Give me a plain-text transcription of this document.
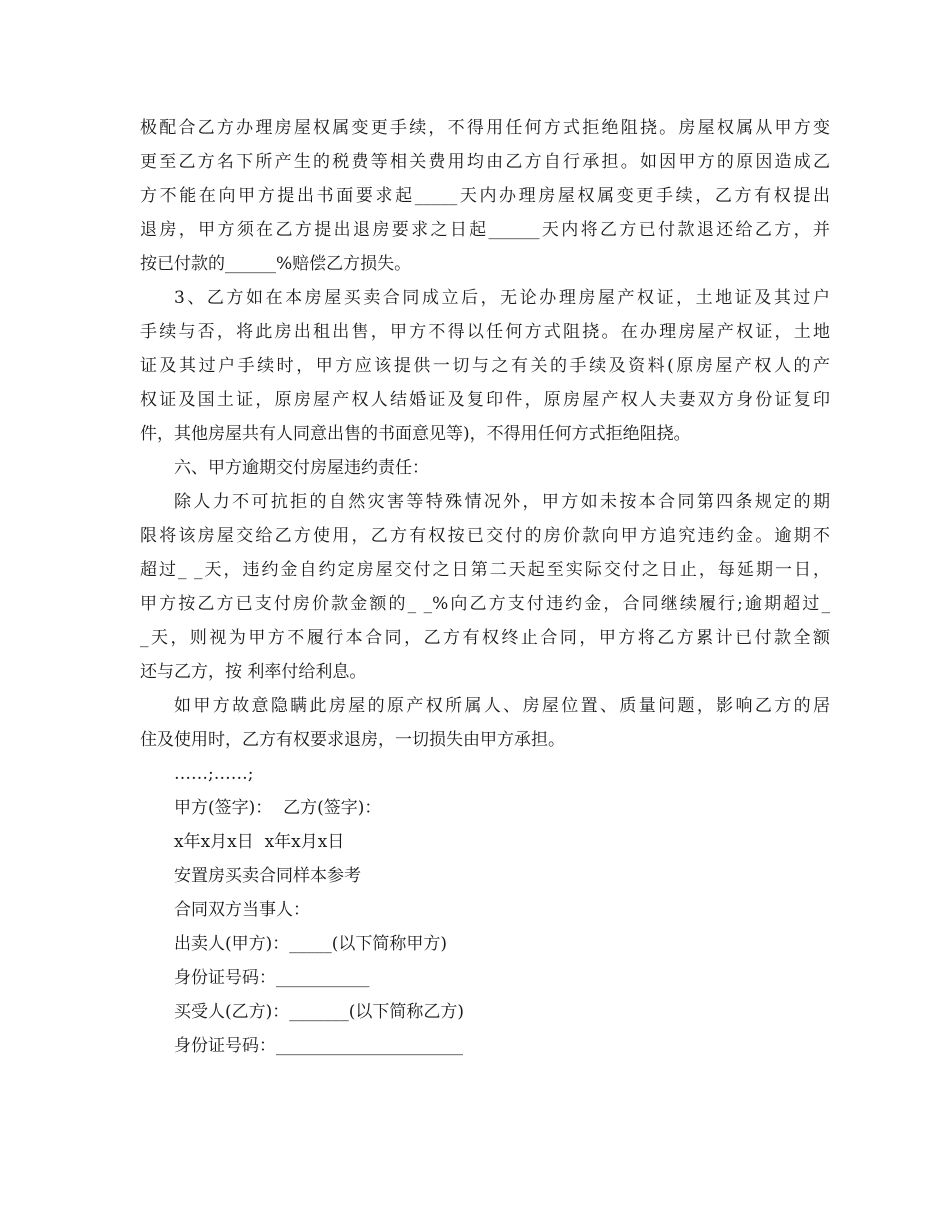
极配合乙方办理房屋权属变更手续，不得用任何方式拒绝阻挠。房屋权属从甲方变
更至乙方名下所产生的税费等相关费用均由乙方自行承担。如因甲方的原因造成乙
方不能在向甲方提出书面要求起_____天内办理房屋权属变更手续，乙方有权提出
退房，甲方须在乙方提出退房要求之日起______天内将乙方已付款退还给乙方，并
按已付款的______%赔偿乙方损失。
3、乙方如在本房屋买卖合同成立后，无论办理房屋产权证，土地证及其过户
手续与否，将此房出租出售，甲方不得以任何方式阻挠。在办理房屋产权证，土地
证及其过户手续时，甲方应该提供一切与之有关的手续及资料(原房屋产权人的产
权证及国土证，原房屋产权人结婚证及复印件，原房屋产权人夫妻双方身份证复印
件，其他房屋共有人同意出售的书面意见等)，不得用任何方式拒绝阻挠。
六、甲方逾期交付房屋违约责任：
除人力不可抗拒的自然灾害等特殊情况外，甲方如未按本合同第四条规定的期
限将该房屋交给乙方使用，乙方有权按已交付的房价款向甲方追究违约金。逾期不
超过_ _天，违约金自约定房屋交付之日第二天起至实际交付之日止，每延期一日，
甲方按乙方已支付房价款金额的_ _%向乙方支付违约金，合同继续履行;逾期超过_
_天，则视为甲方不履行本合同，乙方有权终止合同，甲方将乙方累计已付款全额
还与乙方，按 利率付给利息。
如甲方故意隐瞒此房屋的原产权所属人、房屋位置、质量问题，影响乙方的居
住及使用时，乙方有权要求退房，一切损失由甲方承担。
……;……;
甲方(签字)：  乙方(签字)：
x年x月x日  x年x月x日
安置房买卖合同样本参考
合同双方当事人：
出卖人(甲方)：_____(以下简称甲方)
身份证号码：___________
买受人(乙方)：_______(以下简称乙方)
身份证号码：______________________
